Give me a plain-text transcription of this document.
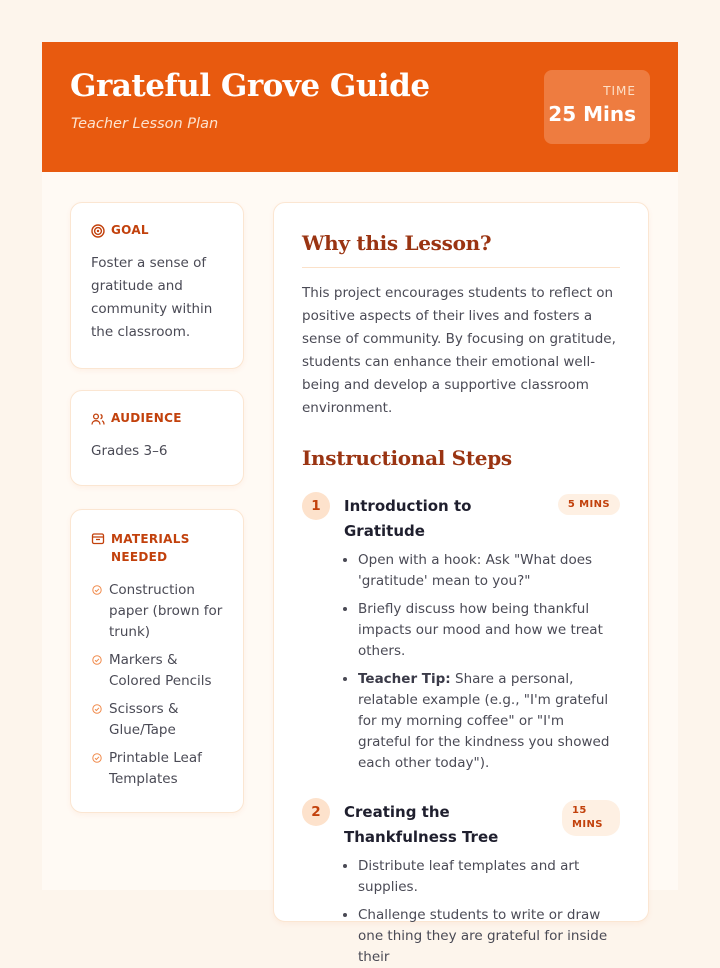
Grateful Grove Guide
Teacher Lesson Plan
TIME
25 Mins
GOAL
Foster a sense of gratitude and community within the classroom.
AUDIENCE
Grades 3–6
MATERIALS NEEDED
Construction paper (brown for trunk)
Markers & Colored Pencils
Scissors & Glue/Tape
Printable Leaf Templates
Why this Lesson?
This project encourages students to reflect on positive aspects of their lives and fosters a sense of community. By focusing on gratitude, students can enhance their emotional well-being and develop a supportive classroom environment.
Instructional Steps
1	Introduction to Gratitude
5 MINS
• Open with a hook: Ask "What does 'gratitude' mean to you?"
• Briefly discuss how being thankful impacts our mood and how we treat others.
• Teacher Tip: Share a personal, relatable example (e.g., "I'm grateful for my morning coffee" or "I'm grateful for the kindness you showed each other today").
2	Creating the Thankfulness Tree
15 MINS
• Distribute leaf templates and art supplies.
• Challenge students to write or draw one thing they are grateful for inside their
